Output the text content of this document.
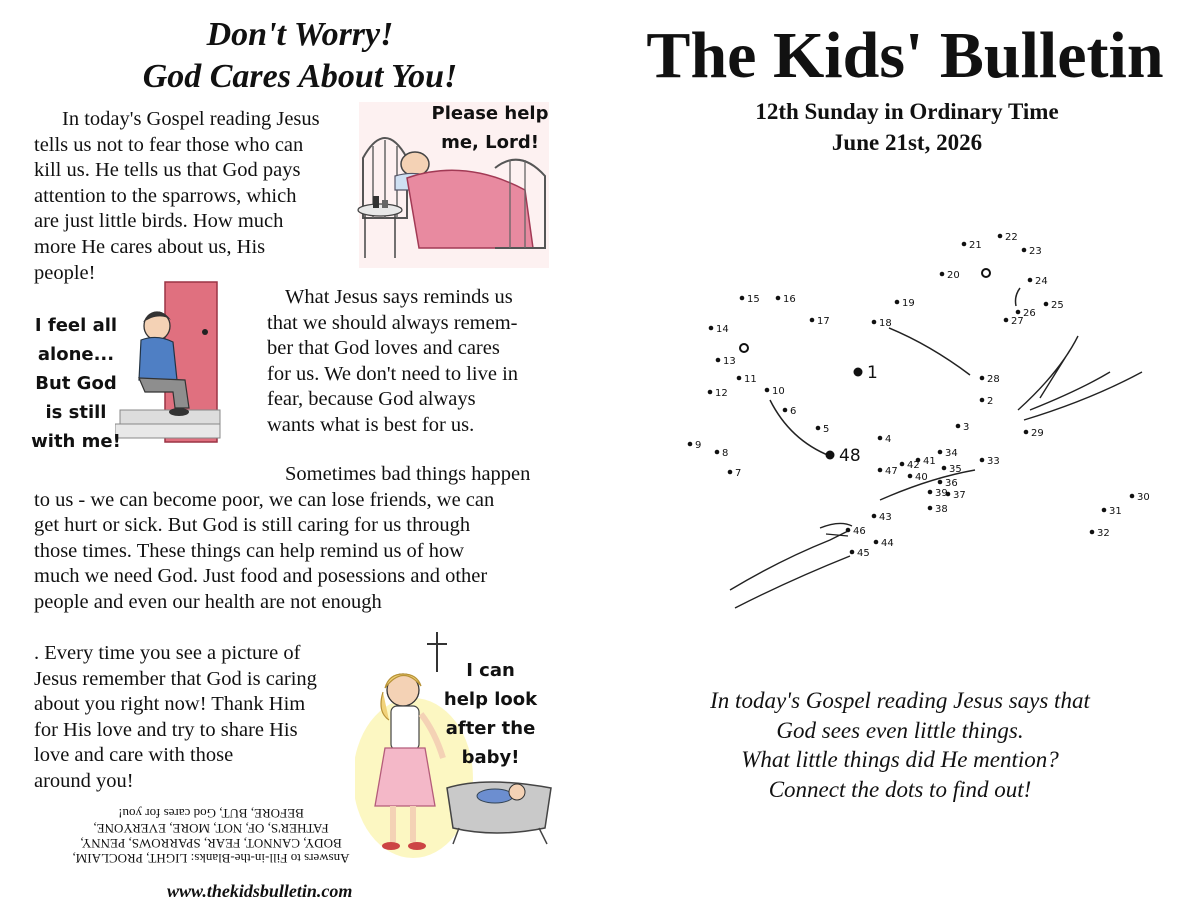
Don't Worry!
God Cares About You!
In today's Gospel reading Jesus
tells us not to fear those who can
kill us. He tells us that God pays
attention to the sparrows, which
are just little birds. How much
more He cares about us, His
people!
What Jesus says reminds us
that we should always remem-
ber that God loves and cares
for us. We don't need to live in
fear, because God always
wants what is best for us.
Sometimes bad things happen
to us - we can become poor, we can lose friends, we can
get hurt or sick. But God is still caring for us through
those times. These things can help remind us of how
much we need God. Just food and posessions and other
people and even our health are not enough
. Every time you see a picture of
Jesus remember that God is caring
about you right now! Thank Him
for His love and try to share His
love and care with those
around you!
Please help
me, Lord!
I feel all
alone...
But God
is still
with me!
I can
help look
after the
baby!
Answers to Fill-in-the-Blanks: LIGHT, PROCLAIM,
BODY, CANNOT, FEAR, SPARROWS, PENNY,
FATHER'S, OF, NOT, MORE, EVERYONE,
BEFORE, BUT, God cares for you!
www.thekidsbulletin.com
The Kids' Bulletin
12th Sunday in Ordinary Time
June 21st, 2026
1
2
3
4
5
6
7
8
9
10
11
12
13
14
15 16
17	18
19
20
21
22
23
24
25
26
27
28
29
30
31
32
33
34
35
36
37
38
39
40
41
42
43
44
45
46
47
48
In today's Gospel reading Jesus says that
God sees even little things.
What little things did He mention?
Connect the dots to find out!
